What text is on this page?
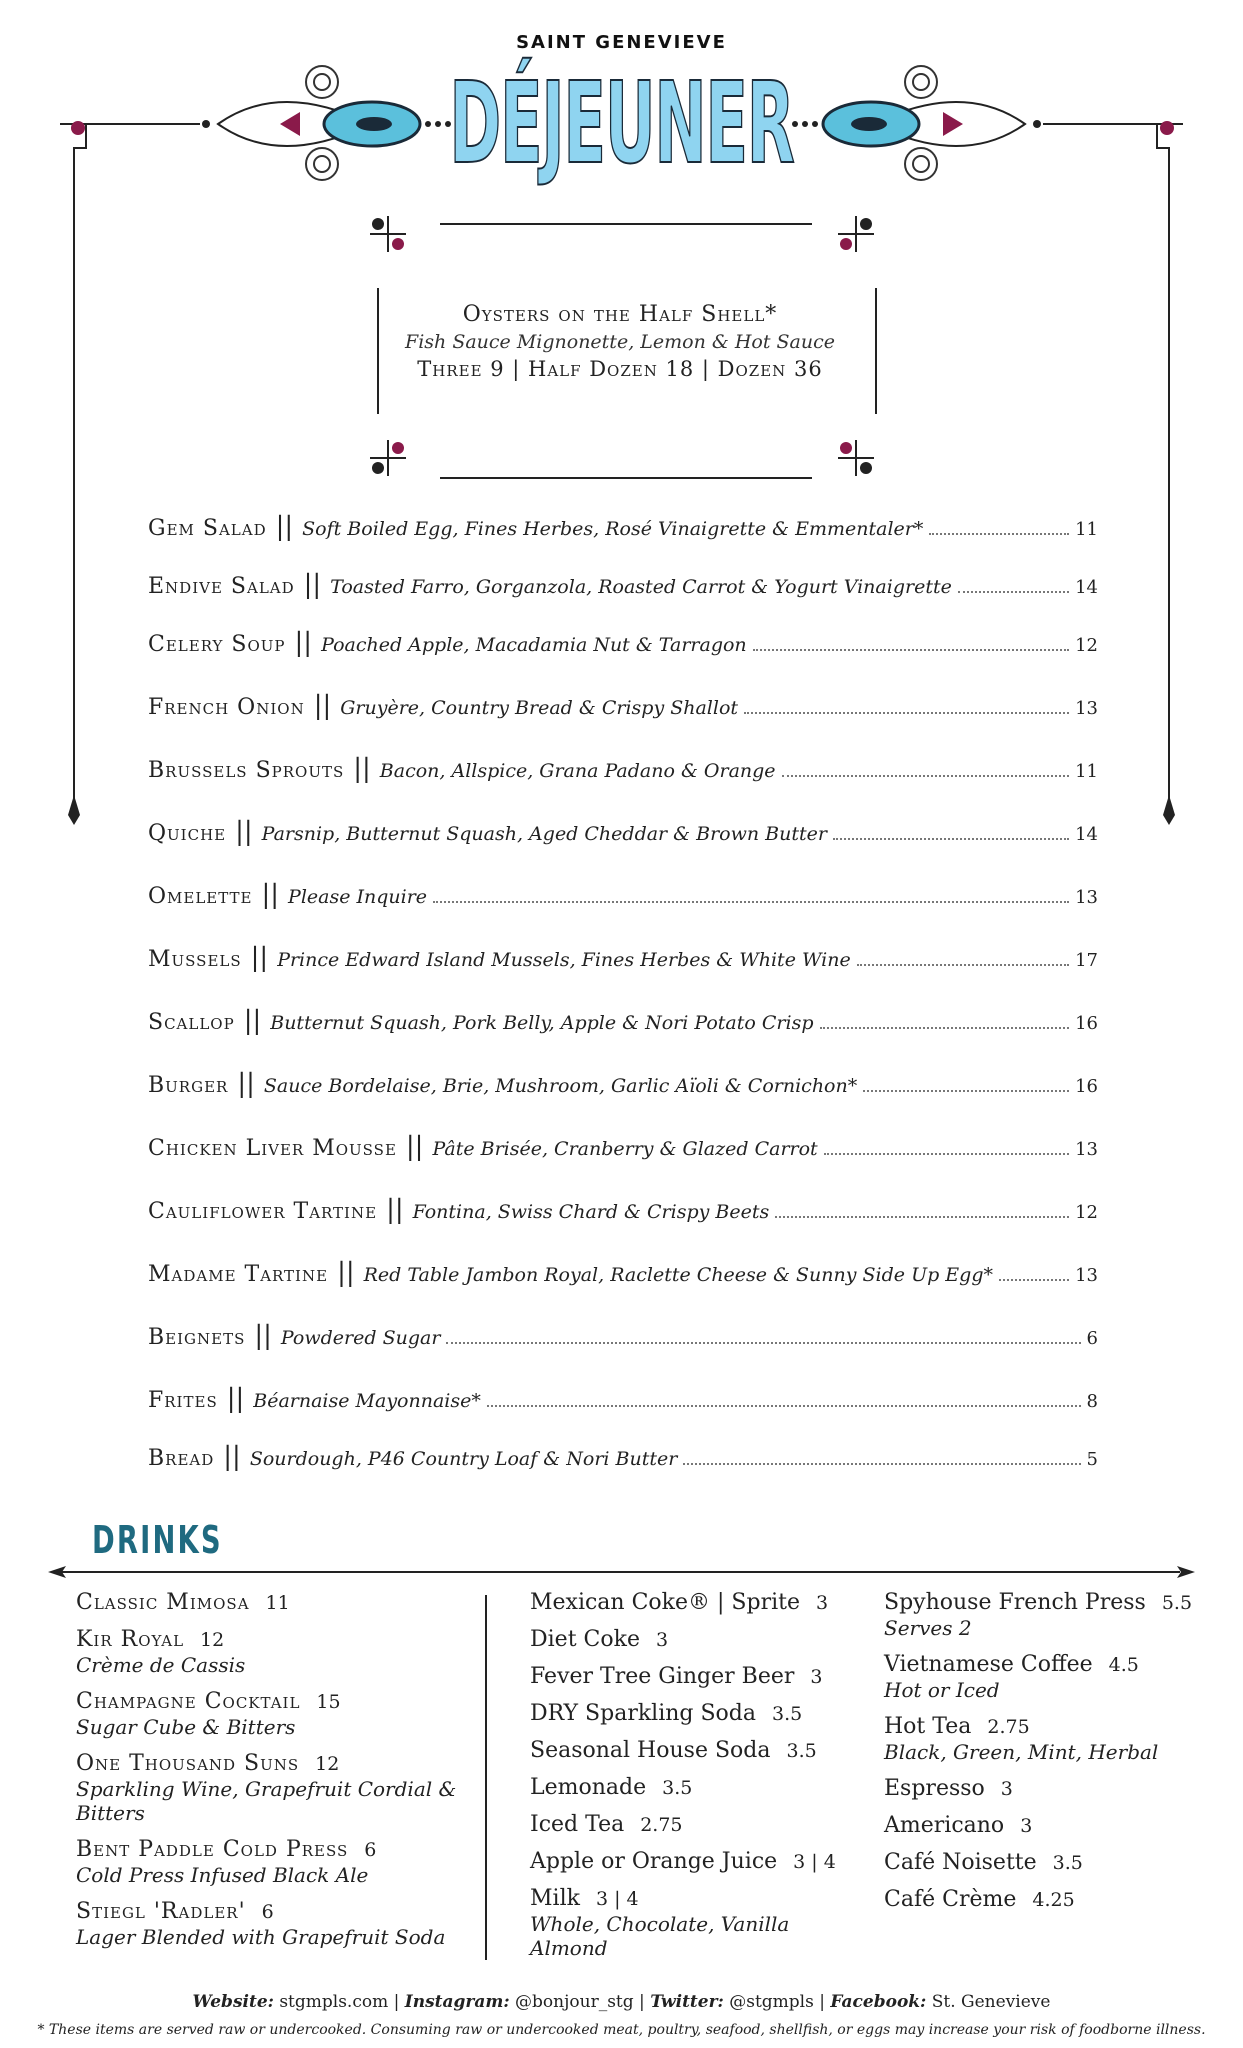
SAINT GENEVIEVE
DÉJEUNER
Oysters on the Half Shell*
Fish Sauce Mignonette, Lemon & Hot Sauce
Three 9 | Half Dozen 18 | Dozen 36
Gem Salad || Soft Boiled Egg, Fines Herbes, Rosé Vinaigrette & Emmentaler*	11
Endive Salad || Toasted Farro, Gorganzola, Roasted Carrot & Yogurt Vinaigrette	14
Celery Soup || Poached Apple, Macadamia Nut & Tarragon	12
French Onion || Gruyère, Country Bread & Crispy Shallot	13
Brussels Sprouts || Bacon, Allspice, Grana Padano & Orange	11
Quiche || Parsnip, Butternut Squash, Aged Cheddar & Brown Butter	14
Omelette || Please Inquire	13
Mussels || Prince Edward Island Mussels, Fines Herbes & White Wine	17
Scallop || Butternut Squash, Pork Belly, Apple & Nori Potato Crisp	16
Burger || Sauce Bordelaise, Brie, Mushroom, Garlic Aïoli & Cornichon*	16
Chicken Liver Mousse || Pâte Brisée, Cranberry & Glazed Carrot	13
Cauliflower Tartine || Fontina, Swiss Chard & Crispy Beets	12
Madame Tartine || Red Table Jambon Royal, Raclette Cheese & Sunny Side Up Egg*	13
Beignets || Powdered Sugar	6
Frites || Béarnaise Mayonnaise*	8
Bread || Sourdough, P46 Country Loaf & Nori Butter	5
DRINKS
Classic Mimosa 11
Kir Royal 12
Crème de Cassis
Champagne Cocktail 15
Sugar Cube & Bitters
One Thousand Suns 12
Sparkling Wine, Grapefruit Cordial & Bitters
Bent Paddle Cold Press 6
Cold Press Infused Black Ale
Stiegl 'Radler' 6
Lager Blended with Grapefruit Soda
Mexican Coke® | Sprite 3
Diet Coke 3
Fever Tree Ginger Beer 3
DRY Sparkling Soda 3.5
Seasonal House Soda 3.5
Lemonade 3.5
Iced Tea 2.75
Apple or Orange Juice 3 | 4
Milk 3 | 4
Whole, Chocolate, Vanilla Almond
Spyhouse French Press 5.5
Serves 2
Vietnamese Coffee 4.5
Hot or Iced
Hot Tea 2.75
Black, Green, Mint, Herbal
Espresso 3
Americano 3
Café Noisette 3.5
Café Crème 4.25
Website: stgmpls.com | Instagram: @bonjour_stg | Twitter: @stgmpls | Facebook: St. Genevieve
* These items are served raw or undercooked. Consuming raw or undercooked meat, poultry, seafood, shellfish, or eggs may increase your risk of foodborne illness.
